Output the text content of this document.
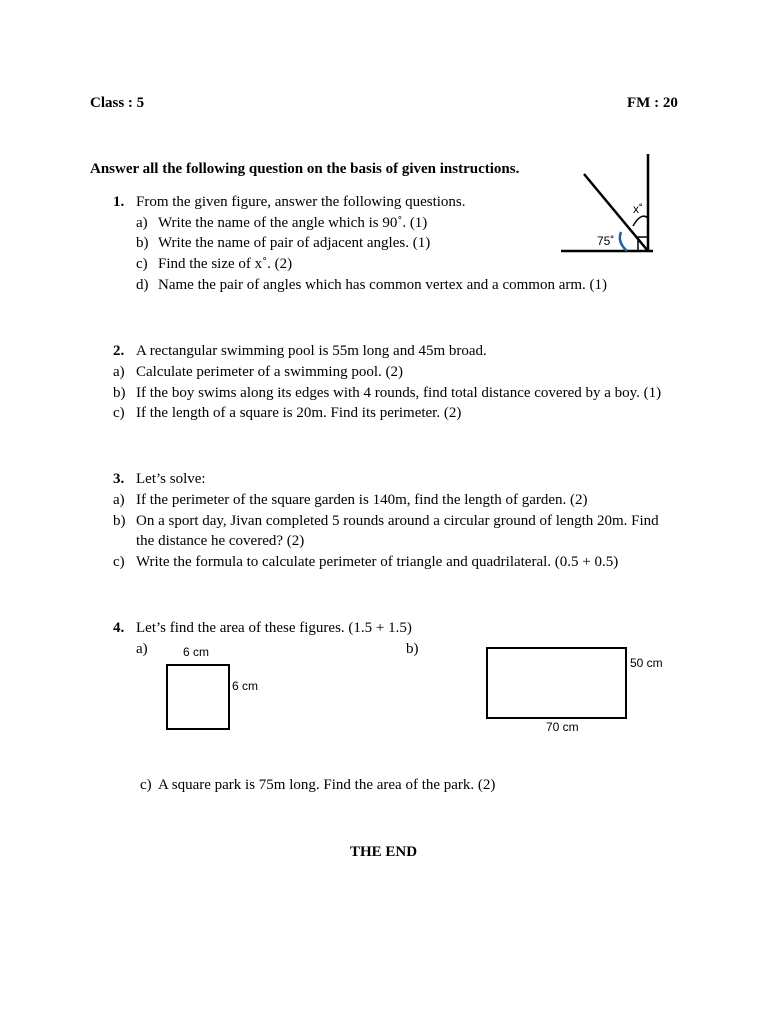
Class : 5	FM : 20
Answer all the following question on the basis of given instructions.
1. From the given figure, answer the following questions.
a) Write the name of the angle which is 90˚. (1)
b) Write the name of pair of adjacent angles. (1)
c) Find the size of x˚. (2)
d) Name the pair of angles which has common vertex and a common arm. (1)
x˚
75˚
2. A rectangular swimming pool is 55m long and 45m broad.
a) Calculate perimeter of a swimming pool. (2)
b) If the boy swims along its edges with 4 rounds, find total distance covered by a boy. (1)
c) If the length of a square is 20m. Find its perimeter. (2)
3. Let’s solve:
a) If the perimeter of the square garden is 140m, find the length of garden. (2)
b) On a sport day, Jivan completed 5 rounds around a circular ground of length 20m. Find
the distance he covered? (2)
c) Write the formula to calculate perimeter of triangle and quadrilateral. (0.5 + 0.5)
4. Let’s find the area of these figures. (1.5 + 1.5)
a)	b)
6 cm
6 cm
50 cm
70 cm
c) A square park is 75m long. Find the area of the park. (2)
THE END
